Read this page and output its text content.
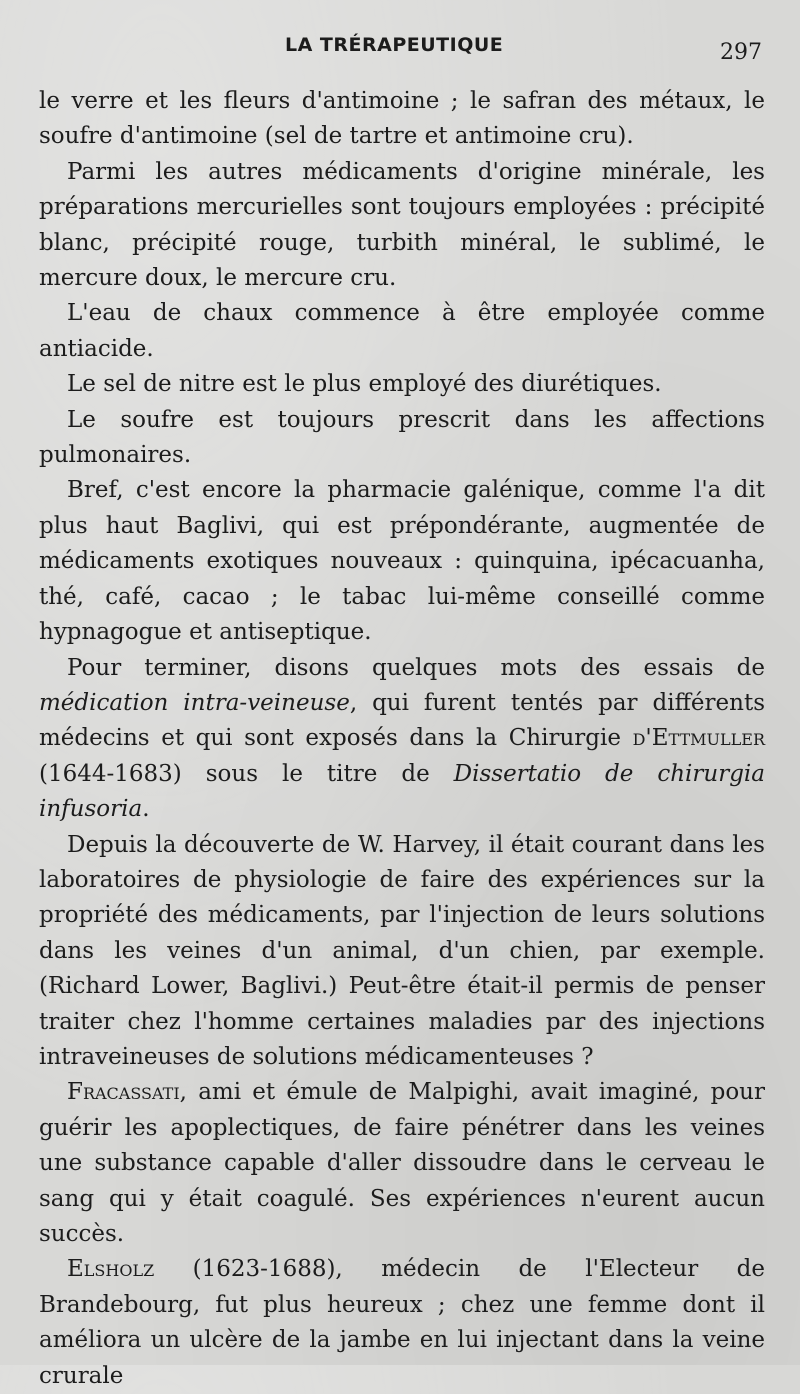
LA TRÉRAPEUTIQUE	297

le verre et les fleurs d'antimoine ; le safran des métaux, le soufre d'antimoine (sel de tartre et antimoine cru).

Parmi les autres médicaments d'origine minérale, les préparations mercurielles sont toujours employées : précipité blanc, précipité rouge, turbith minéral, le sublimé, le mercure doux, le mercure cru.

L'eau de chaux commence à être employée comme antiacide.

Le sel de nitre est le plus employé des diurétiques.

Le soufre est toujours prescrit dans les affections pulmonaires.

Bref, c'est encore la pharmacie galénique, comme l'a dit plus haut Baglivi, qui est prépondérante, augmentée de médicaments exotiques nouveaux : quinquina, ipécacuanha, thé, café, cacao ; le tabac lui-même conseillé comme hypnagogue et antiseptique.

Pour terminer, disons quelques mots des essais de médication intra-veineuse, qui furent tentés par différents médecins et qui sont exposés dans la Chirurgie d'Ettmuller (1644-1683) sous le titre de Dissertatio de chirurgia infusoria.

Depuis la découverte de W. Harvey, il était courant dans les laboratoires de physiologie de faire des expériences sur la propriété des médicaments, par l'injection de leurs solutions dans les veines d'un animal, d'un chien, par exemple. (Richard Lower, Baglivi.) Peut-être était-il permis de penser traiter chez l'homme certaines maladies par des injections intraveineuses de solutions médicamenteuses ?

Fracassati, ami et émule de Malpighi, avait imaginé, pour guérir les apoplectiques, de faire pénétrer dans les veines une substance capable d'aller dissoudre dans le cerveau le sang qui y était coagulé. Ses expériences n'eurent aucun succès.

Elsholz (1623-1688), médecin de l'Electeur de Brandebourg, fut plus heureux ; chez une femme dont il améliora un ulcère de la jambe en lui injectant dans la veine crurale
